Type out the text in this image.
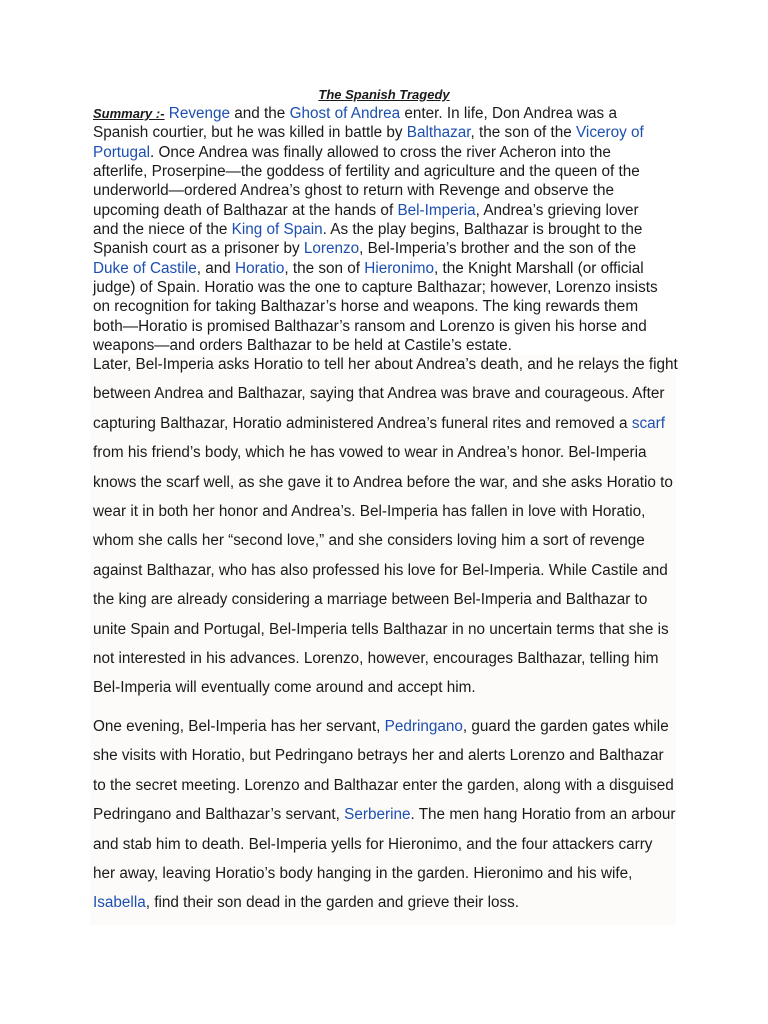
The Spanish Tragedy
Summary :- Revenge and the Ghost of Andrea enter. In life, Don Andrea was a Spanish courtier, but he was killed in battle by Balthazar, the son of the Viceroy of Portugal. Once Andrea was finally allowed to cross the river Acheron into the afterlife, Proserpine—the goddess of fertility and agriculture and the queen of the underworld—ordered Andrea’s ghost to return with Revenge and observe the upcoming death of Balthazar at the hands of Bel-Imperia, Andrea’s grieving lover and the niece of the King of Spain. As the play begins, Balthazar is brought to the Spanish court as a prisoner by Lorenzo, Bel-Imperia’s brother and the son of the Duke of Castile, and Horatio, the son of Hieronimo, the Knight Marshall (or official judge) of Spain. Horatio was the one to capture Balthazar; however, Lorenzo insists on recognition for taking Balthazar’s horse and weapons. The king rewards them both—Horatio is promised Balthazar’s ransom and Lorenzo is given his horse and weapons—and orders Balthazar to be held at Castile’s estate.
Later, Bel-Imperia asks Horatio to tell her about Andrea’s death, and he relays the fight between Andrea and Balthazar, saying that Andrea was brave and courageous. After capturing Balthazar, Horatio administered Andrea’s funeral rites and removed a scarf from his friend’s body, which he has vowed to wear in Andrea’s honor. Bel-Imperia knows the scarf well, as she gave it to Andrea before the war, and she asks Horatio to wear it in both her honor and Andrea’s. Bel-Imperia has fallen in love with Horatio, whom she calls her “second love,” and she considers loving him a sort of revenge against Balthazar, who has also professed his love for Bel-Imperia. While Castile and the king are already considering a marriage between Bel-Imperia and Balthazar to unite Spain and Portugal, Bel-Imperia tells Balthazar in no uncertain terms that she is not interested in his advances. Lorenzo, however, encourages Balthazar, telling him Bel-Imperia will eventually come around and accept him.
One evening, Bel-Imperia has her servant, Pedringano, guard the garden gates while she visits with Horatio, but Pedringano betrays her and alerts Lorenzo and Balthazar to the secret meeting. Lorenzo and Balthazar enter the garden, along with a disguised Pedringano and Balthazar’s servant, Serberine. The men hang Horatio from an arbour and stab him to death. Bel-Imperia yells for Hieronimo, and the four attackers carry her away, leaving Horatio’s body hanging in the garden. Hieronimo and his wife, Isabella, find their son dead in the garden and grieve their loss.
